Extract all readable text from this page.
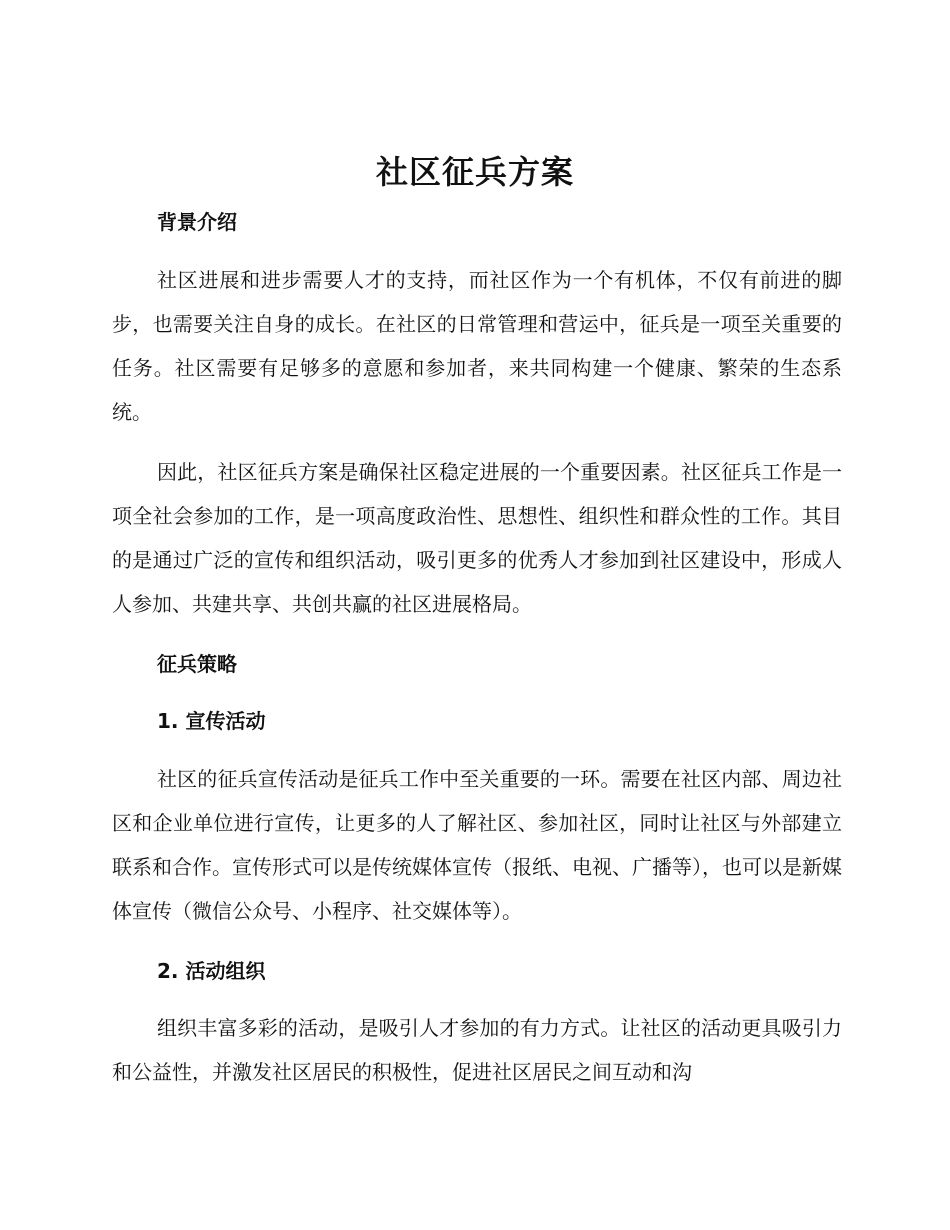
社区征兵方案
背景介绍

社区进展和进步需要人才的支持，而社区作为一个有机体，不仅有前进的脚步，也需要关注自身的成长。在社区的日常管理和营运中，征兵是一项至关重要的任务。社区需要有足够多的意愿和参加者，来共同构建一个健康、繁荣的生态系统。

因此，社区征兵方案是确保社区稳定进展的一个重要因素。社区征兵工作是一项全社会参加的工作，是一项高度政治性、思想性、组织性和群众性的工作。其目的是通过广泛的宣传和组织活动，吸引更多的优秀人才参加到社区建设中，形成人人参加、共建共享、共创共赢的社区进展格局。

征兵策略
1. 宣传活动

社区的征兵宣传活动是征兵工作中至关重要的一环。需要在社区内部、周边社区和企业单位进行宣传，让更多的人了解社区、参加社区，同时让社区与外部建立联系和合作。宣传形式可以是传统媒体宣传（报纸、电视、广播等），也可以是新媒体宣传（微信公众号、小程序、社交媒体等）。

2. 活动组织

组织丰富多彩的活动，是吸引人才参加的有力方式。让社区的活动更具吸引力和公益性，并激发社区居民的积极性，促进社区居民之间互动和沟
